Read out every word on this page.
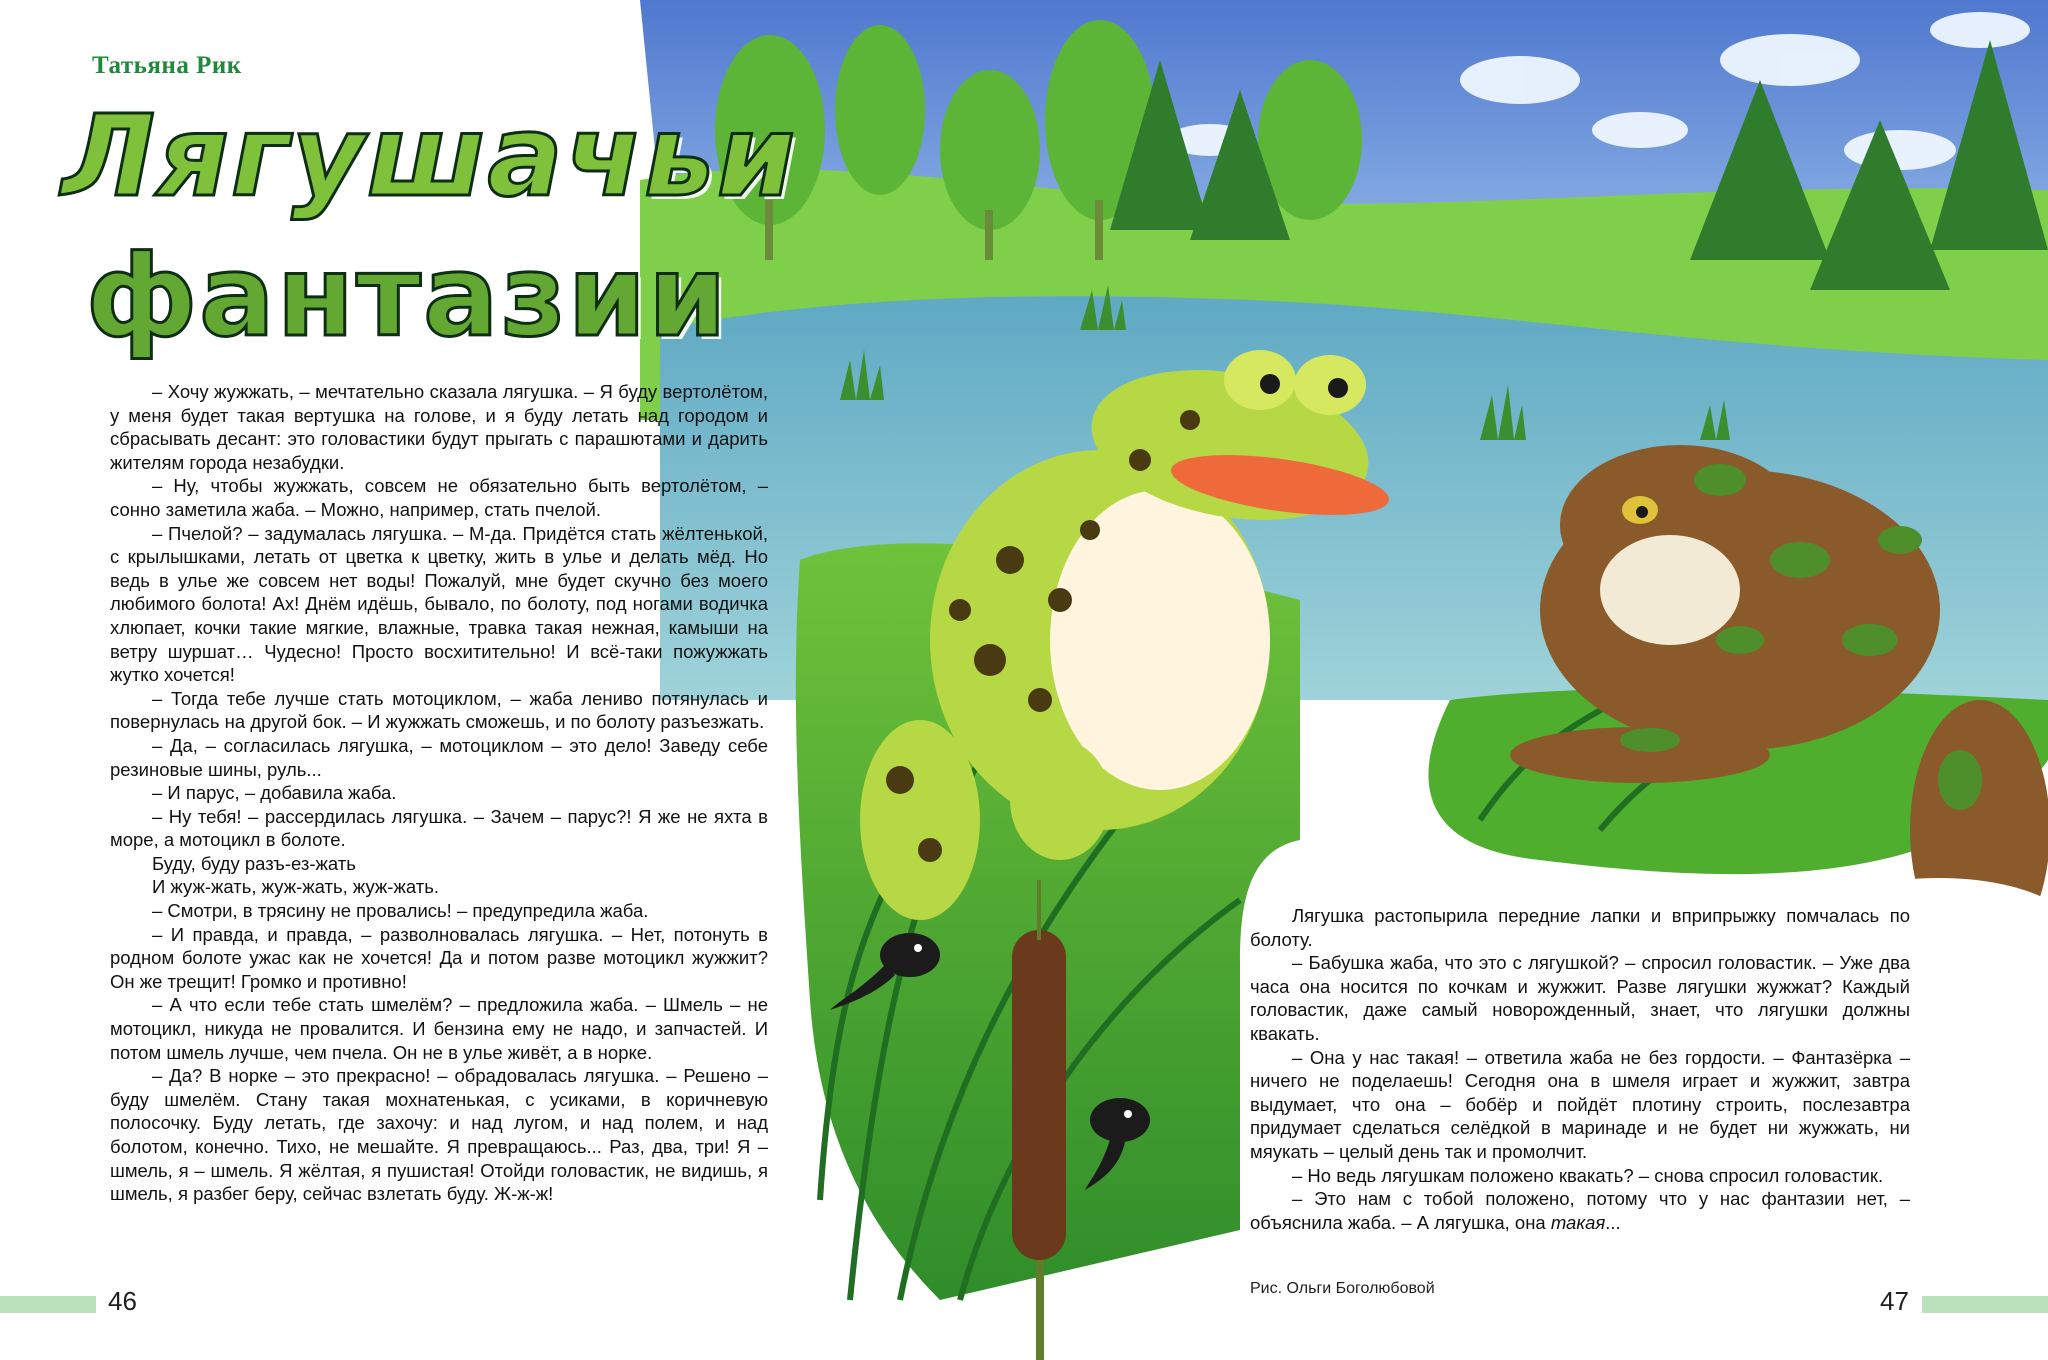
Татьяна Рик
Лягушачьи
фантазии

– Хочу жужжать, – мечтательно сказала лягушка. – Я буду вертолётом, у меня будет такая вертушка на голове, и я буду летать над городом и сбрасывать десант: это головастики будут прыгать с парашютами и дарить жителям города незабудки.

– Ну, чтобы жужжать, совсем не обязательно быть вертолётом, – сонно заметила жаба. – Можно, например, стать пчелой.

– Пчелой? – задумалась лягушка. – М-да. Придётся стать жёлтенькой, с крылышками, летать от цветка к цветку, жить в улье и делать мёд. Но ведь в улье же совсем нет воды! Пожалуй, мне будет скучно без моего любимого болота! Ах! Днём идёшь, бывало, по болоту, под ногами водичка хлюпает, кочки такие мягкие, влажные, травка такая нежная, камыши на ветру шуршат… Чудесно! Просто восхитительно! И всё-таки пожужжать жутко хочется!

– Тогда тебе лучше стать мотоциклом, – жаба лениво потянулась и повернулась на другой бок. – И жужжать сможешь, и по болоту разъезжать.

– Да, – согласилась лягушка, – мотоциклом – это дело! Заведу себе резиновые шины, руль...

– И парус, – добавила жаба.

– Ну тебя! – рассердилась лягушка. – Зачем – парус?! Я же не яхта в море, а мотоцикл в болоте.

Буду, буду разъ-ез-жать

И жуж-жать, жуж-жать, жуж-жать.

– Смотри, в трясину не провались! – предупредила жаба.

– И правда, и правда, – разволновалась лягушка. – Нет, потонуть в родном болоте ужас как не хочется! Да и потом разве мотоцикл жужжит? Он же трещит! Громко и противно!

– А что если тебе стать шмелём? – предложила жаба. – Шмель – не мотоцикл, никуда не провалится. И бензина ему не надо, и запчастей. И потом шмель лучше, чем пчела. Он не в улье живёт, а в норке.

– Да? В норке – это прекрасно! – обрадовалась лягушка. – Решено – буду шмелём. Стану такая мохнатенькая, с усиками, в коричневую полосочку. Буду летать, где захочу: и над лугом, и над полем, и над болотом, конечно. Тихо, не мешайте. Я превращаюсь... Раз, два, три! Я – шмель, я – шмель. Я жёлтая, я пушистая! Отойди головастик, не видишь, я шмель, я разбег беру, сейчас взлетать буду. Ж-ж-ж!

Лягушка растопырила передние лапки и вприпрыжку помчалась по болоту.

– Бабушка жаба, что это с лягушкой? – спросил головастик. – Уже два часа она носится по кочкам и жужжит. Разве лягушки жужжат? Каждый головастик, даже самый новорожденный, знает, что лягушки должны квакать.

– Она у нас такая! – ответила жаба не без гордости. – Фантазёрка – ничего не поделаешь! Сегодня она в шмеля играет и жужжит, завтра выдумает, что она – бобёр и пойдёт плотину строить, послезавтра придумает сделаться селёдкой в маринаде и не будет ни жужжать, ни мяукать – целый день так и промолчит.

– Но ведь лягушкам положено квакать? – снова спросил головастик.

– Это нам с тобой положено, потому что у нас фантазии нет, – объяснила жаба. – А лягушка, она такая...

46	47
Рис. Ольги Боголюбовой
